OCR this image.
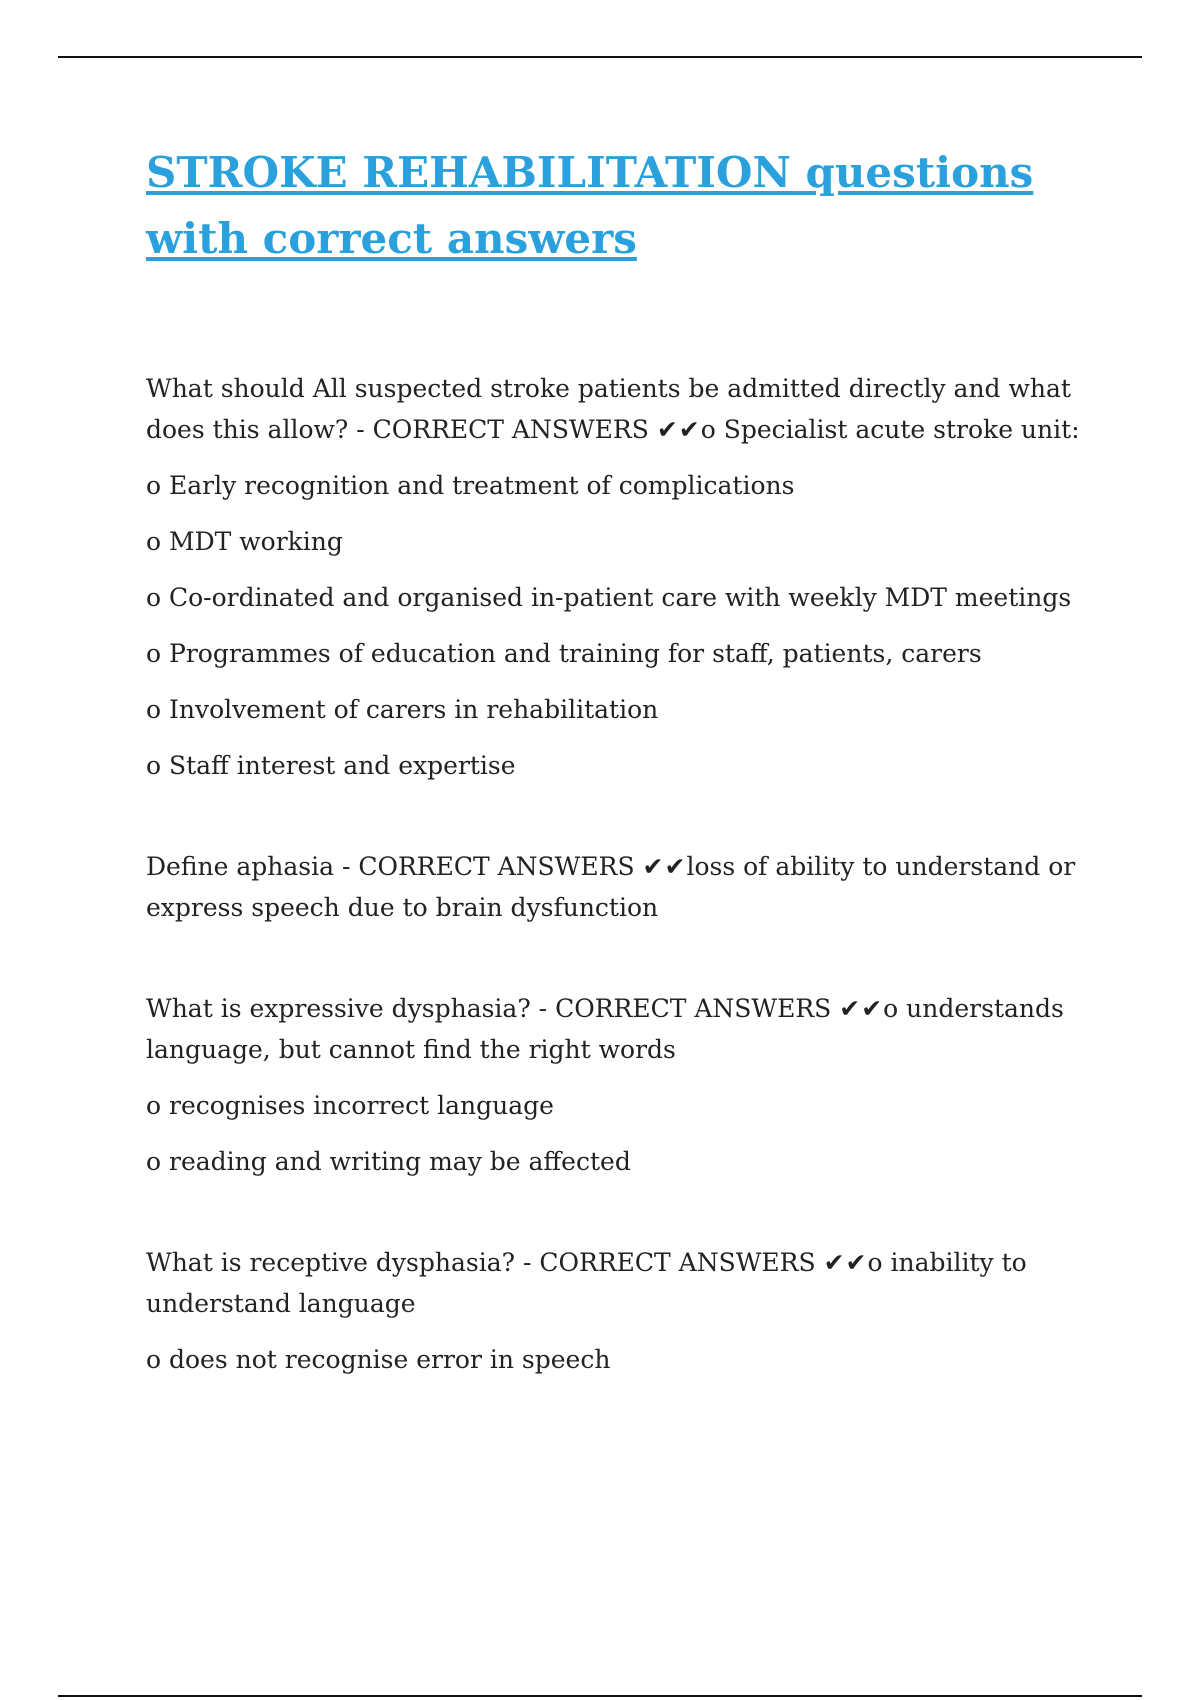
STROKE REHABILITATION questions
with correct answers

What should All suspected stroke patients be admitted directly and what does this allow? - CORRECT ANSWERS ✔✔o Specialist acute stroke unit:

o Early recognition and treatment of complications

o MDT working

o Co-ordinated and organised in-patient care with weekly MDT meetings

o Programmes of education and training for staff, patients, carers

o Involvement of carers in rehabilitation

o Staff interest and expertise

Define aphasia - CORRECT ANSWERS ✔✔loss of ability to understand or express speech due to brain dysfunction

What is expressive dysphasia? - CORRECT ANSWERS ✔✔o understands language, but cannot find the right words

o recognises incorrect language

o reading and writing may be affected

What is receptive dysphasia? - CORRECT ANSWERS ✔✔o inability to understand language

o does not recognise error in speech
